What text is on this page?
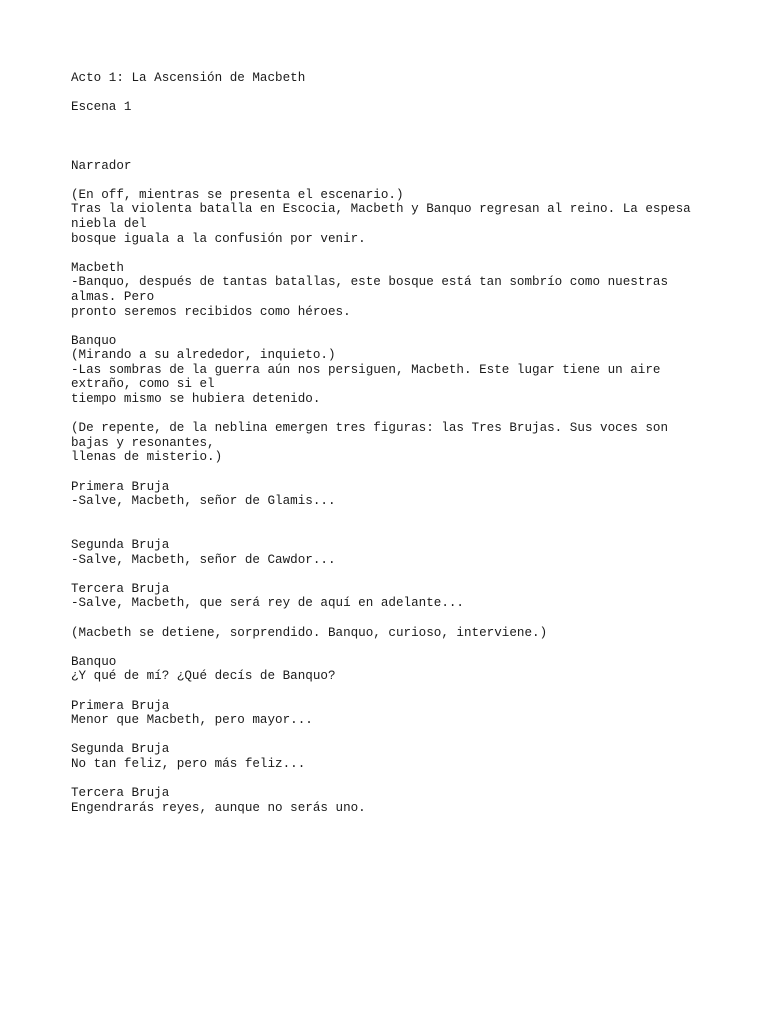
Acto 1: La Ascensión de Macbeth
Escena 1
Narrador
(En off, mientras se presenta el escenario.)
Tras la violenta batalla en Escocia, Macbeth y Banquo regresan al reino. La espesa
niebla del
bosque iguala a la confusión por venir.
Macbeth
-Banquo, después de tantas batallas, este bosque está tan sombrío como nuestras
almas. Pero
pronto seremos recibidos como héroes.
Banquo
(Mirando a su alrededor, inquieto.)
-Las sombras de la guerra aún nos persiguen, Macbeth. Este lugar tiene un aire
extraño, como si el
tiempo mismo se hubiera detenido.
(De repente, de la neblina emergen tres figuras: las Tres Brujas. Sus voces son
bajas y resonantes,
llenas de misterio.)
Primera Bruja
-Salve, Macbeth, señor de Glamis...
Segunda Bruja
-Salve, Macbeth, señor de Cawdor...
Tercera Bruja
-Salve, Macbeth, que será rey de aquí en adelante...
(Macbeth se detiene, sorprendido. Banquo, curioso, interviene.)
Banquo
¿Y qué de mí? ¿Qué decís de Banquo?
Primera Bruja
Menor que Macbeth, pero mayor...
Segunda Bruja
No tan feliz, pero más feliz...
Tercera Bruja
Engendrarás reyes, aunque no serás uno.
